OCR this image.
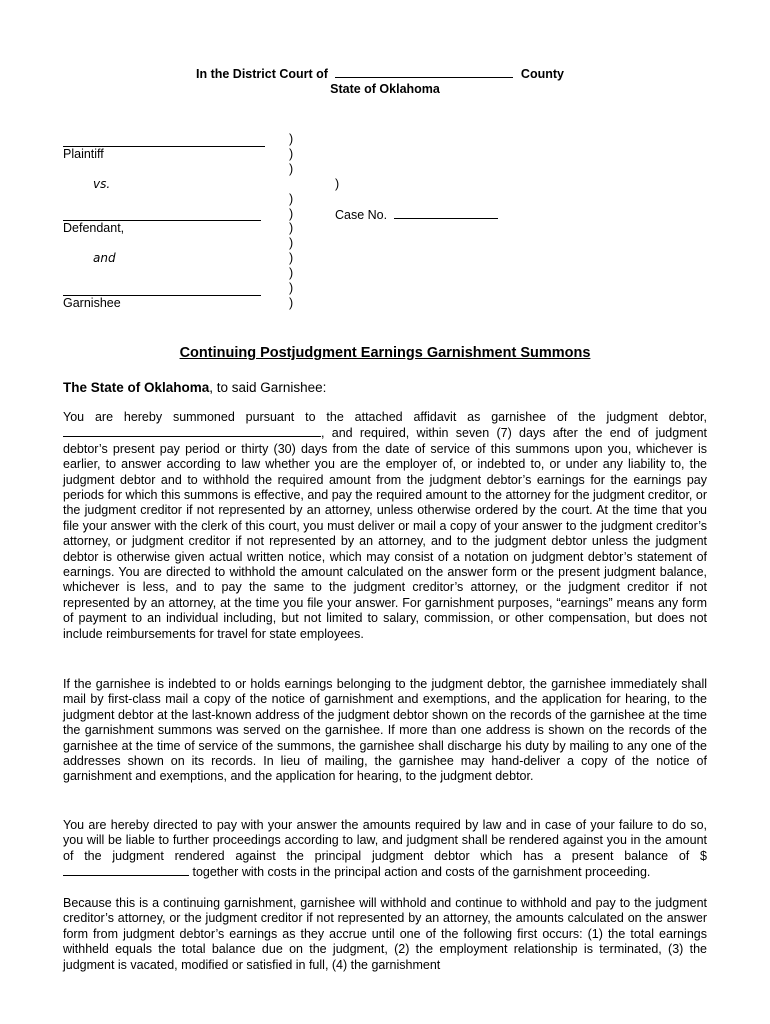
In the District Court of	County
State of Oklahoma
Plaintiff
vs.
Defendant,
and
Garnishee
)
)
)
)
)
)
)
)
)
)
)
)
Case No.
Continuing Postjudgment Earnings Garnishment Summons
The State of Oklahoma, to said Garnishee:
You are hereby summoned pursuant to the attached affidavit as garnishee of the judgment debtor, , and required, within seven (7) days after the end of judgment debtor’s present pay period or thirty (30) days from the date of service of this summons upon you, whichever is earlier, to answer according to law whether you are the employer of, or indebted to, or under any liability to, the judgment debtor and to withhold the required amount from the judgment debtor’s earnings for the earnings pay periods for which this summons is effective, and pay the required amount to the attorney for the judgment creditor, or the judgment creditor if not represented by an attorney, unless otherwise ordered by the court. At the time that you file your answer with the clerk of this court, you must deliver or mail a copy of your answer to the judgment creditor’s attorney, or judgment creditor if not represented by an attorney, and to the judgment debtor unless the judgment debtor is otherwise given actual written notice, which may consist of a notation on judgment debtor’s statement of earnings. You are directed to withhold the amount calculated on the answer form or the present judgment balance, whichever is less, and to pay the same to the judgment creditor’s attorney, or the judgment creditor if not represented by an attorney, at the time you file your answer. For garnishment purposes, “earnings” means any form of payment to an individual including, but not limited to salary, commission, or other compensation, but does not include reimbursements for travel for state employees.
If the garnishee is indebted to or holds earnings belonging to the judgment debtor, the garnishee immediately shall mail by first-class mail a copy of the notice of garnishment and exemptions, and the application for hearing, to the judgment debtor at the last-known address of the judgment debtor shown on the records of the garnishee at the time the garnishment summons was served on the garnishee. If more than one address is shown on the records of the garnishee at the time of service of the summons, the garnishee shall discharge his duty by mailing to any one of the addresses shown on its records. In lieu of mailing, the garnishee may hand-deliver a copy of the notice of garnishment and exemptions, and the application for hearing, to the judgment debtor.
You are hereby directed to pay with your answer the amounts required by law and in case of your failure to do so, you will be liable to further proceedings according to law, and judgment shall be rendered against you in the amount of the judgment rendered against the principal judgment debtor which has a present balance of $ together with costs in the principal action and costs of the garnishment proceeding.
Because this is a continuing garnishment, garnishee will withhold and continue to withhold and pay to the judgment creditor’s attorney, or the judgment creditor if not represented by an attorney, the amounts calculated on the answer form from judgment debtor’s earnings as they accrue until one of the following first occurs: (1) the total earnings withheld equals the total balance due on the judgment, (2) the employment relationship is terminated, (3) the judgment is vacated, modified or satisfied in full, (4) the garnishment
